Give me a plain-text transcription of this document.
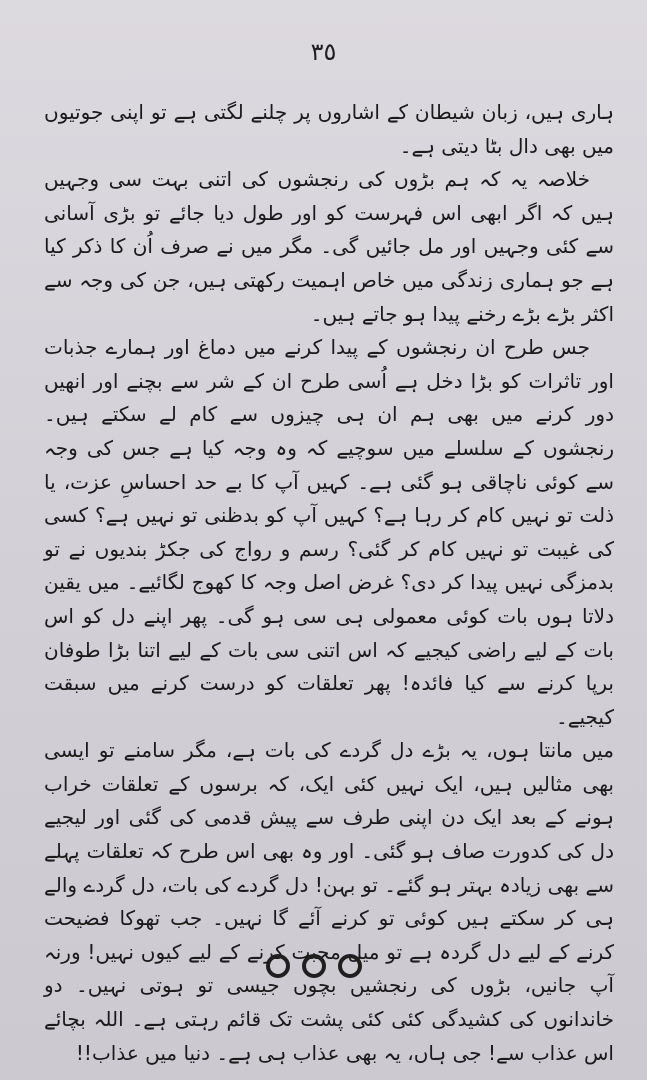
٣٥

ہاری ہیں، زبان شیطان کے اشاروں پر چلنے لگتی ہے تو اپنی جوتیوں میں بھی دال بٹا دیتی ہے۔

خلاصہ یہ کہ ہم بڑوں کی رنجشوں کی اتنی بہت سی وجہیں ہیں کہ اگر ابھی اس فہرست کو اور طول دیا جائے تو بڑی آسانی سے کئی وجہیں اور مل جائیں گی۔ مگر میں نے صرف اُن کا ذکر کیا ہے جو ہماری زندگی میں خاص اہمیت رکھتی ہیں، جن کی وجہ سے اکثر بڑے بڑے رخنے پیدا ہو جاتے ہیں۔

جس طرح ان رنجشوں کے پیدا کرنے میں دماغ اور ہمارے جذبات اور تاثرات کو بڑا دخل ہے اُسی طرح ان کے شر سے بچنے اور انھیں دور کرنے میں بھی ہم ان ہی چیزوں سے کام لے سکتے ہیں۔ رنجشوں کے سلسلے میں سوچیے کہ وہ وجہ کیا ہے جس کی وجہ سے کوئی ناچاقی ہو گئی ہے۔ کہیں آپ کا بے حد احساسِ عزت، یا ذلت تو نہیں کام کر رہا ہے؟ کہیں آپ کو بدظنی تو نہیں ہے؟ کسی کی غیبت تو نہیں کام کر گئی؟ رسم و رواج کی جکڑ بندیوں نے تو بدمزگی نہیں پیدا کر دی؟ غرض اصل وجہ کا کھوج لگائیے۔ میں یقین دلاتا ہوں بات کوئی معمولی ہی سی ہو گی۔ پھر اپنے دل کو اس بات کے لیے راضی کیجیے کہ اس اتنی سی بات کے لیے اتنا بڑا طوفان برپا کرنے سے کیا فائدہ! پھر تعلقات کو درست کرنے میں سبقت کیجیے۔

میں مانتا ہوں، یہ بڑے دل گردے کی بات ہے، مگر سامنے تو ایسی بھی مثالیں ہیں، ایک نہیں کئی ایک، کہ برسوں کے تعلقات خراب ہونے کے بعد ایک دن اپنی طرف سے پیش قدمی کی گئی اور لیجیے دل کی کدورت صاف ہو گئی۔ اور وہ بھی اس طرح کہ تعلقات پہلے سے بھی زیادہ بہتر ہو گئے۔ تو بہن! دل گردے کی بات، دل گردے والے ہی کر سکتے ہیں کوئی تو کرنے آئے گا نہیں۔ جب تھوکا فضیحت کرنے کے لیے دل گردہ ہے تو میل محبت کرنے کے لیے کیوں نہیں! ورنہ آپ جانیں، بڑوں کی رنجشیں بچوں جیسی تو ہوتی نہیں۔ دو خاندانوں کی کشیدگی کئی کئی پشت تک قائم رہتی ہے۔ اللہ بچائے اس عذاب سے! جی ہاں، یہ بھی عذاب ہی ہے۔ دنیا میں عذاب!!
